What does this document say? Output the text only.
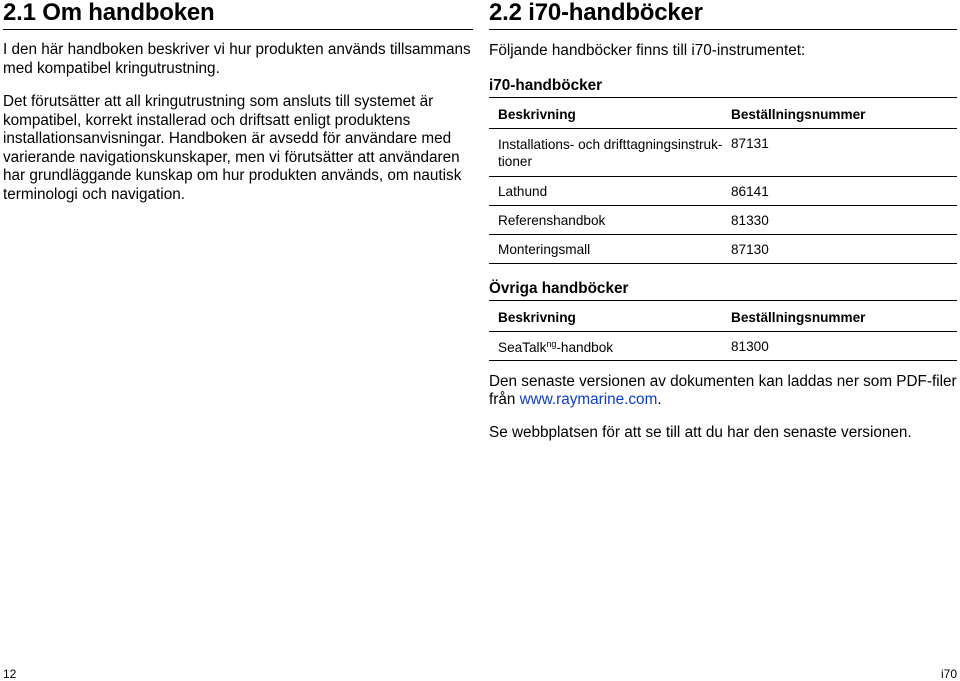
2.1 Om handboken

I den här handboken beskriver vi hur produkten används tillsammans med kompatibel kringutrustning.

Det förutsätter att all kringutrustning som ansluts till systemet är kompatibel, korrekt installerad och driftsatt enligt produktens installationsanvisningar. Handboken är avsedd för användare med varierande navigationskunskaper, men vi förutsätter att användaren har grundläggande kunskap om hur produkten används, om nautisk terminologi och navigation.

2.2 i70-handböcker

Följande handböcker finns till i70-instrumentet:

i70-handböcker
Beskrivning	Beställningsnummer
Installations- och drifttagningsinstruk-
tioner	87131
Lathund	86141
Referenshandbok	81330
Monteringsmall	87130
Övriga handböcker
Beskrivning	Beställningsnummer
SeaTalk$^{ng}$-handbok	81300

Den senaste versionen av dokumenten kan laddas ner som PDF-filer från www.raymarine.com.

Se webbplatsen för att se till att du har den senaste versionen.

12	i70
